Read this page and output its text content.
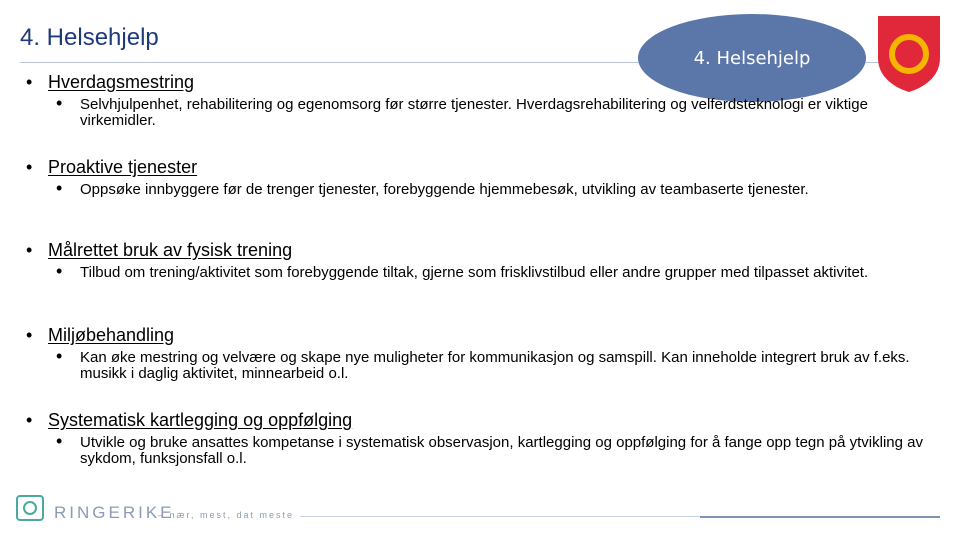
4. Helsehjelp
4. Helsehjelp
• Hverdagsmestring
• Selvhjulpenhet, rehabilitering og egenomsorg før større tjenester. Hverdagsrehabilitering og velferdsteknologi er viktige virkemidler.
• Proaktive tjenester
• Oppsøke innbyggere før de trenger tjenester, forebyggende hjemmebesøk, utvikling av teambaserte tjenester.
• Målrettet bruk av fysisk trening
• Tilbud om trening/aktivitet som forebyggende tiltak, gjerne som frisklivstilbud eller andre grupper med tilpasset aktivitet.
• Miljøbehandling
• Kan øke mestring og velvære og skape nye muligheter for kommunikasjon og samspill. Kan inneholde integrert bruk av f.eks. musikk i daglig aktivitet, minnearbeid o.l.
• Systematisk kartlegging og oppfølging
• Utvikle og bruke ansattes kompetanse i systematisk observasjon, kartlegging og oppfølging for å fange opp tegn på ytvikling av sykdom, funksjonsfall o.l.
RINGERIKE
– nær, mest, dat meste
